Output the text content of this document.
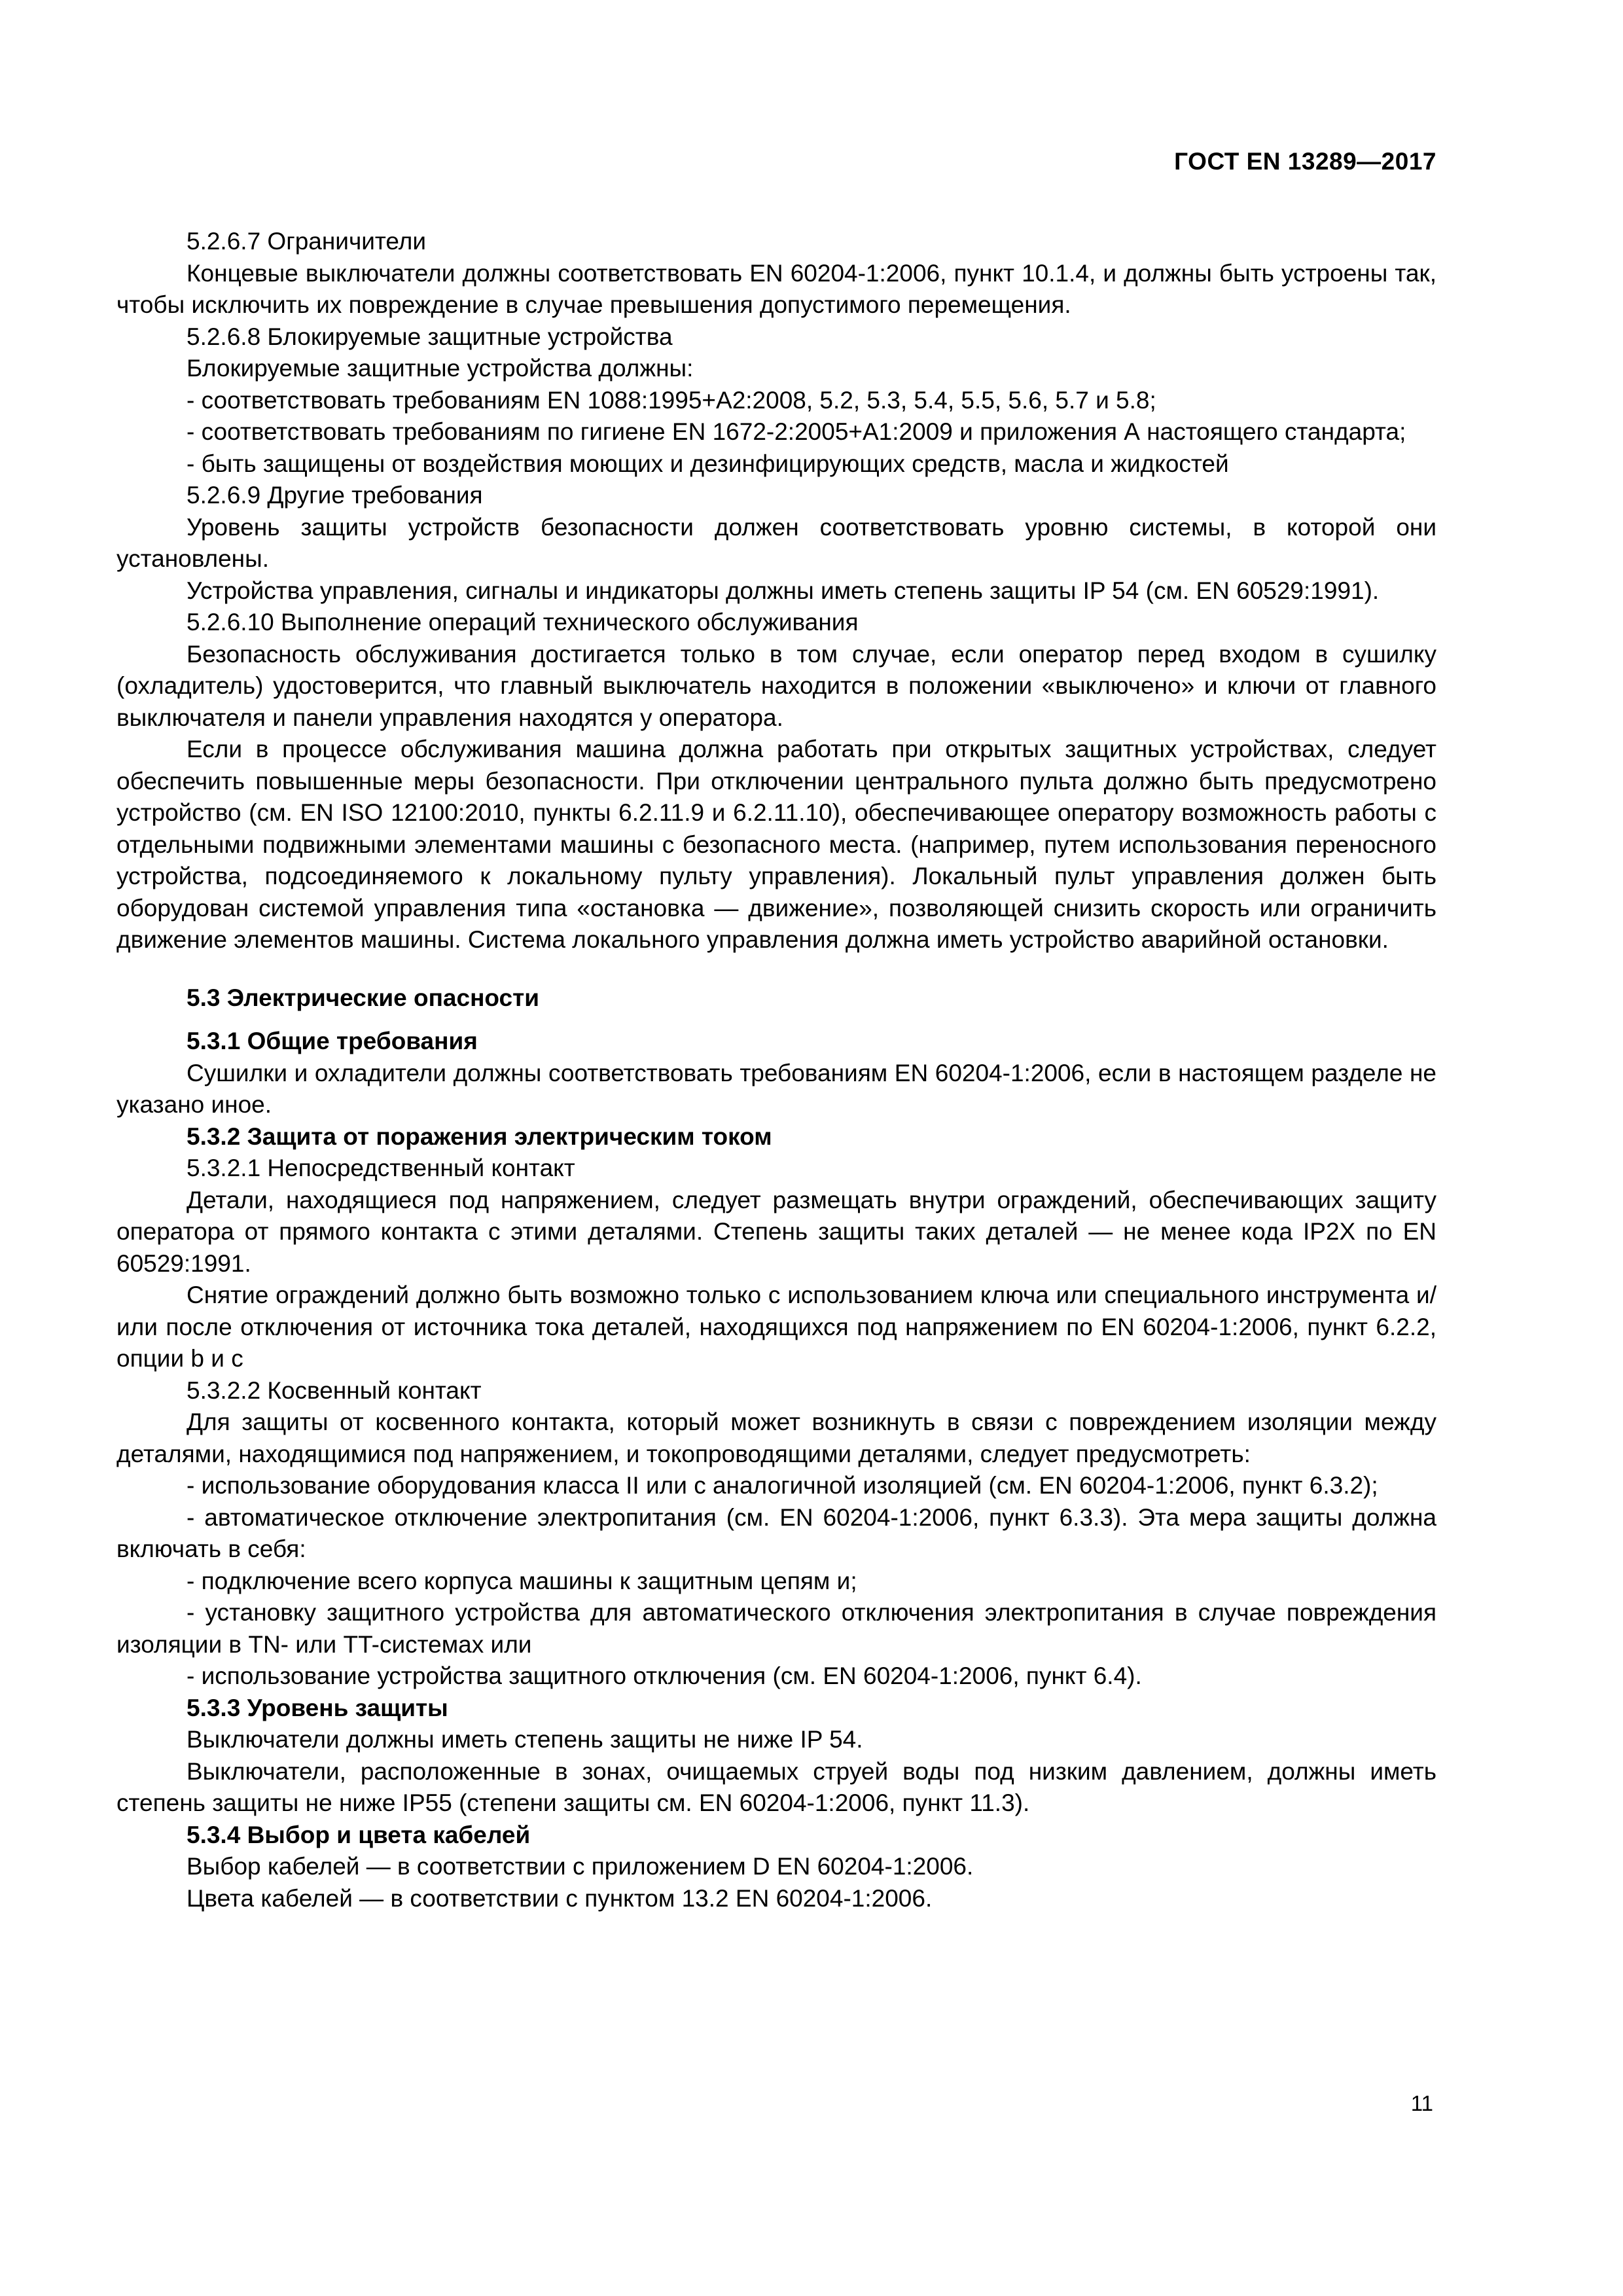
ГОСТ EN 13289—2017

5.2.6.7 Ограничители

Концевые выключатели должны соответствовать EN 60204-1:2006, пункт 10.1.4, и должны быть устроены так, чтобы исключить их повреждение в случае превышения допустимого перемещения.

5.2.6.8 Блокируемые защитные устройства

Блокируемые защитные устройства должны:

- соответствовать требованиям EN 1088:1995+A2:2008, 5.2, 5.3, 5.4, 5.5, 5.6, 5.7 и 5.8;

- соответствовать требованиям по гигиене EN 1672-2:2005+A1:2009 и приложения А настоящего стандарта;

- быть защищены от воздействия моющих и дезинфицирующих средств, масла и жидкостей

5.2.6.9 Другие требования

Уровень защиты устройств безопасности должен соответствовать уровню системы, в которой они установлены.

Устройства управления, сигналы и индикаторы должны иметь степень защиты IP 54 (см. EN 60529:1991).

5.2.6.10 Выполнение операций технического обслуживания

Безопасность обслуживания достигается только в том случае, если оператор перед входом в сушилку (охладитель) удостоверится, что главный выключатель находится в положении «выключено» и ключи от главного выключателя и панели управления находятся у оператора.

Если в процессе обслуживания машина должна работать при открытых защитных устройствах, следует обеспечить повышенные меры безопасности. При отключении центрального пульта должно быть предусмотрено устройство (см. EN ISO 12100:2010, пункты 6.2.11.9 и 6.2.11.10), обеспечивающее оператору возможность работы с отдельными подвижными элементами машины с безопасного места. (например, путем использования переносного устройства, подсоединяемого к локальному пульту управления). Локальный пульт управления должен быть оборудован системой управления типа «остановка — движение», позволяющей снизить скорость или ограничить движение элементов машины. Система локального управления должна иметь устройство аварийной остановки.

5.3 Электрические опасности

5.3.1 Общие требования

Сушилки и охладители должны соответствовать требованиям EN 60204-1:2006, если в настоящем разделе не указано иное.

5.3.2 Защита от поражения электрическим током

5.3.2.1 Непосредственный контакт

Детали, находящиеся под напряжением, следует размещать внутри ограждений, обеспечивающих защиту оператора от прямого контакта с этими деталями. Степень защиты таких деталей — не менее кода IP2X по EN 60529:1991.

Снятие ограждений должно быть возможно только с использованием ключа или специального инструмента и/или после отключения от источника тока деталей, находящихся под напряжением по EN 60204-1:2006, пункт 6.2.2, опции b и с

5.3.2.2 Косвенный контакт

Для защиты от косвенного контакта, который может возникнуть в связи с повреждением изоляции между деталями, находящимися под напряжением, и токопроводящими деталями, следует предусмотреть:

- использование оборудования класса II или с аналогичной изоляцией (см. EN 60204-1:2006, пункт 6.3.2);

- автоматическое отключение электропитания (см. EN 60204-1:2006, пункт 6.3.3). Эта мера защиты должна включать в себя:

- подключение всего корпуса машины к защитным цепям и;

- установку защитного устройства для автоматического отключения электропитания в случае повреждения изоляции в TN- или TT-системах или

- использование устройства защитного отключения (см. EN 60204-1:2006, пункт 6.4).

5.3.3 Уровень защиты

Выключатели должны иметь степень защиты не ниже IP 54.

Выключатели, расположенные в зонах, очищаемых струей воды под низким давлением, должны иметь степень защиты не ниже IP55 (степени защиты см. EN 60204-1:2006, пункт 11.3).

5.3.4 Выбор и цвета кабелей

Выбор кабелей — в соответствии с приложением D EN 60204-1:2006.

Цвета кабелей — в соответствии с пунктом 13.2 EN 60204-1:2006.

11
